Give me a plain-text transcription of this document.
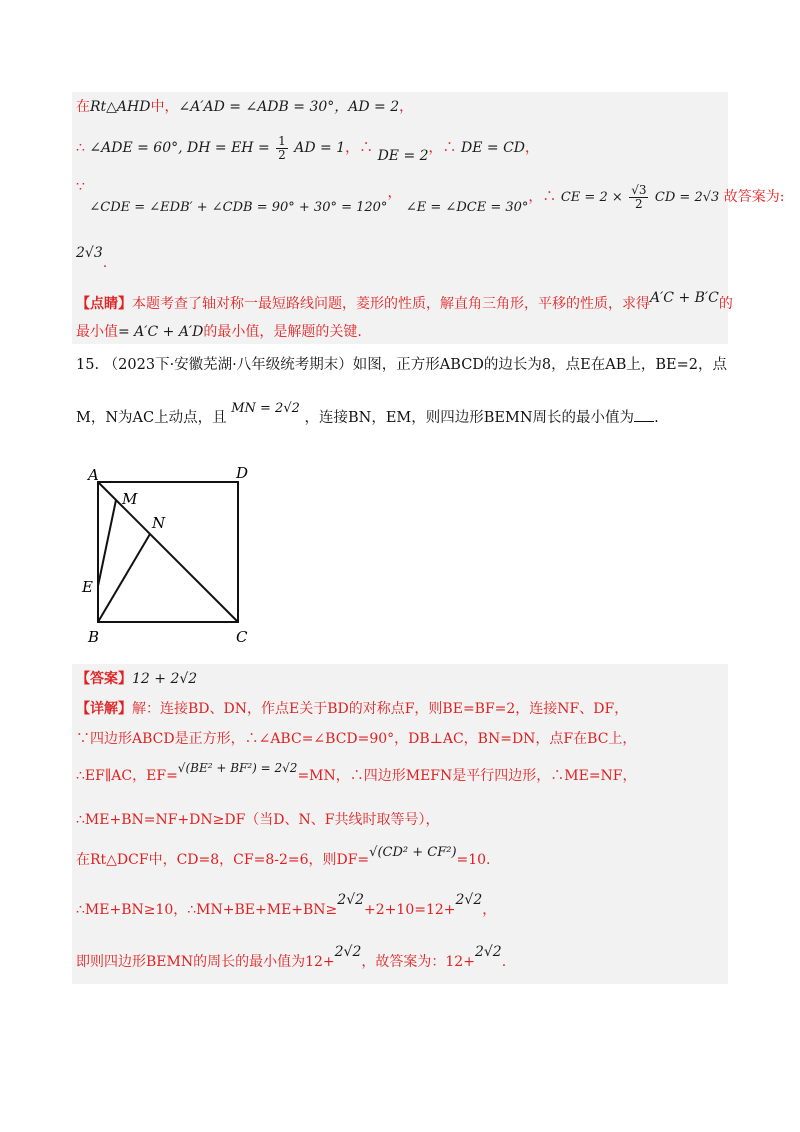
在Rt△AHD中，∠A′AD = ∠ADB = 30°，AD = 2，
∴ ∠ADE = 60°, DH = EH = $\frac{1}{2}$ AD = 1，∴ DE = 2，∴ DE = CD，
∵ ∠CDE = ∠EDB′ + ∠CDB = 90° + 30° = 120°， ∠E = ∠DCE = 30°，∴ CE = $2 \times \frac{√3}{2}$ CD = 2√3 故答案为:
2√3.
【点睛】本题考查了轴对称一最短路线问题，菱形的性质，解直角三角形，平移的性质，求得A′C + B′C的
最小值= A′C + A′D的最小值，是解题的关键.
15. （2023下·安徽芜湖·八年级统考期末）如图，正方形ABCD的边长为8，点E在AB上，BE=2，点
M，N为AC上动点，且 MN = 2√2 ，连接BN，EM，则四边形BEMN周长的最小值为 .
A	D
M
N
E
B	C
【答案】12 + 2√2
【详解】解：连接BD、DN，作点E关于BD的对称点F，则BE=BF=2，连接NF、DF，
∵四边形ABCD是正方形，∴∠ABC=∠BCD=90°，DB⊥AC，BN=DN，点F在BC上，
∴EF∥AC，EF=√(BE² + BF²) = 2√2=MN，∴四边形MEFN是平行四边形，∴ME=NF，
∴ME+BN=NF+DN≥DF（当D、N、F共线时取等号），
在Rt△DCF中，CD=8，CF=8-2=6，则DF=√(CD² + CF²)=10.
∴ME+BN≥10，∴MN+BE+ME+BN≥2√2+2+10=12+2√2，
即则四边形BEMN的周长的最小值为12+2√2，故答案为：12+2√2.
